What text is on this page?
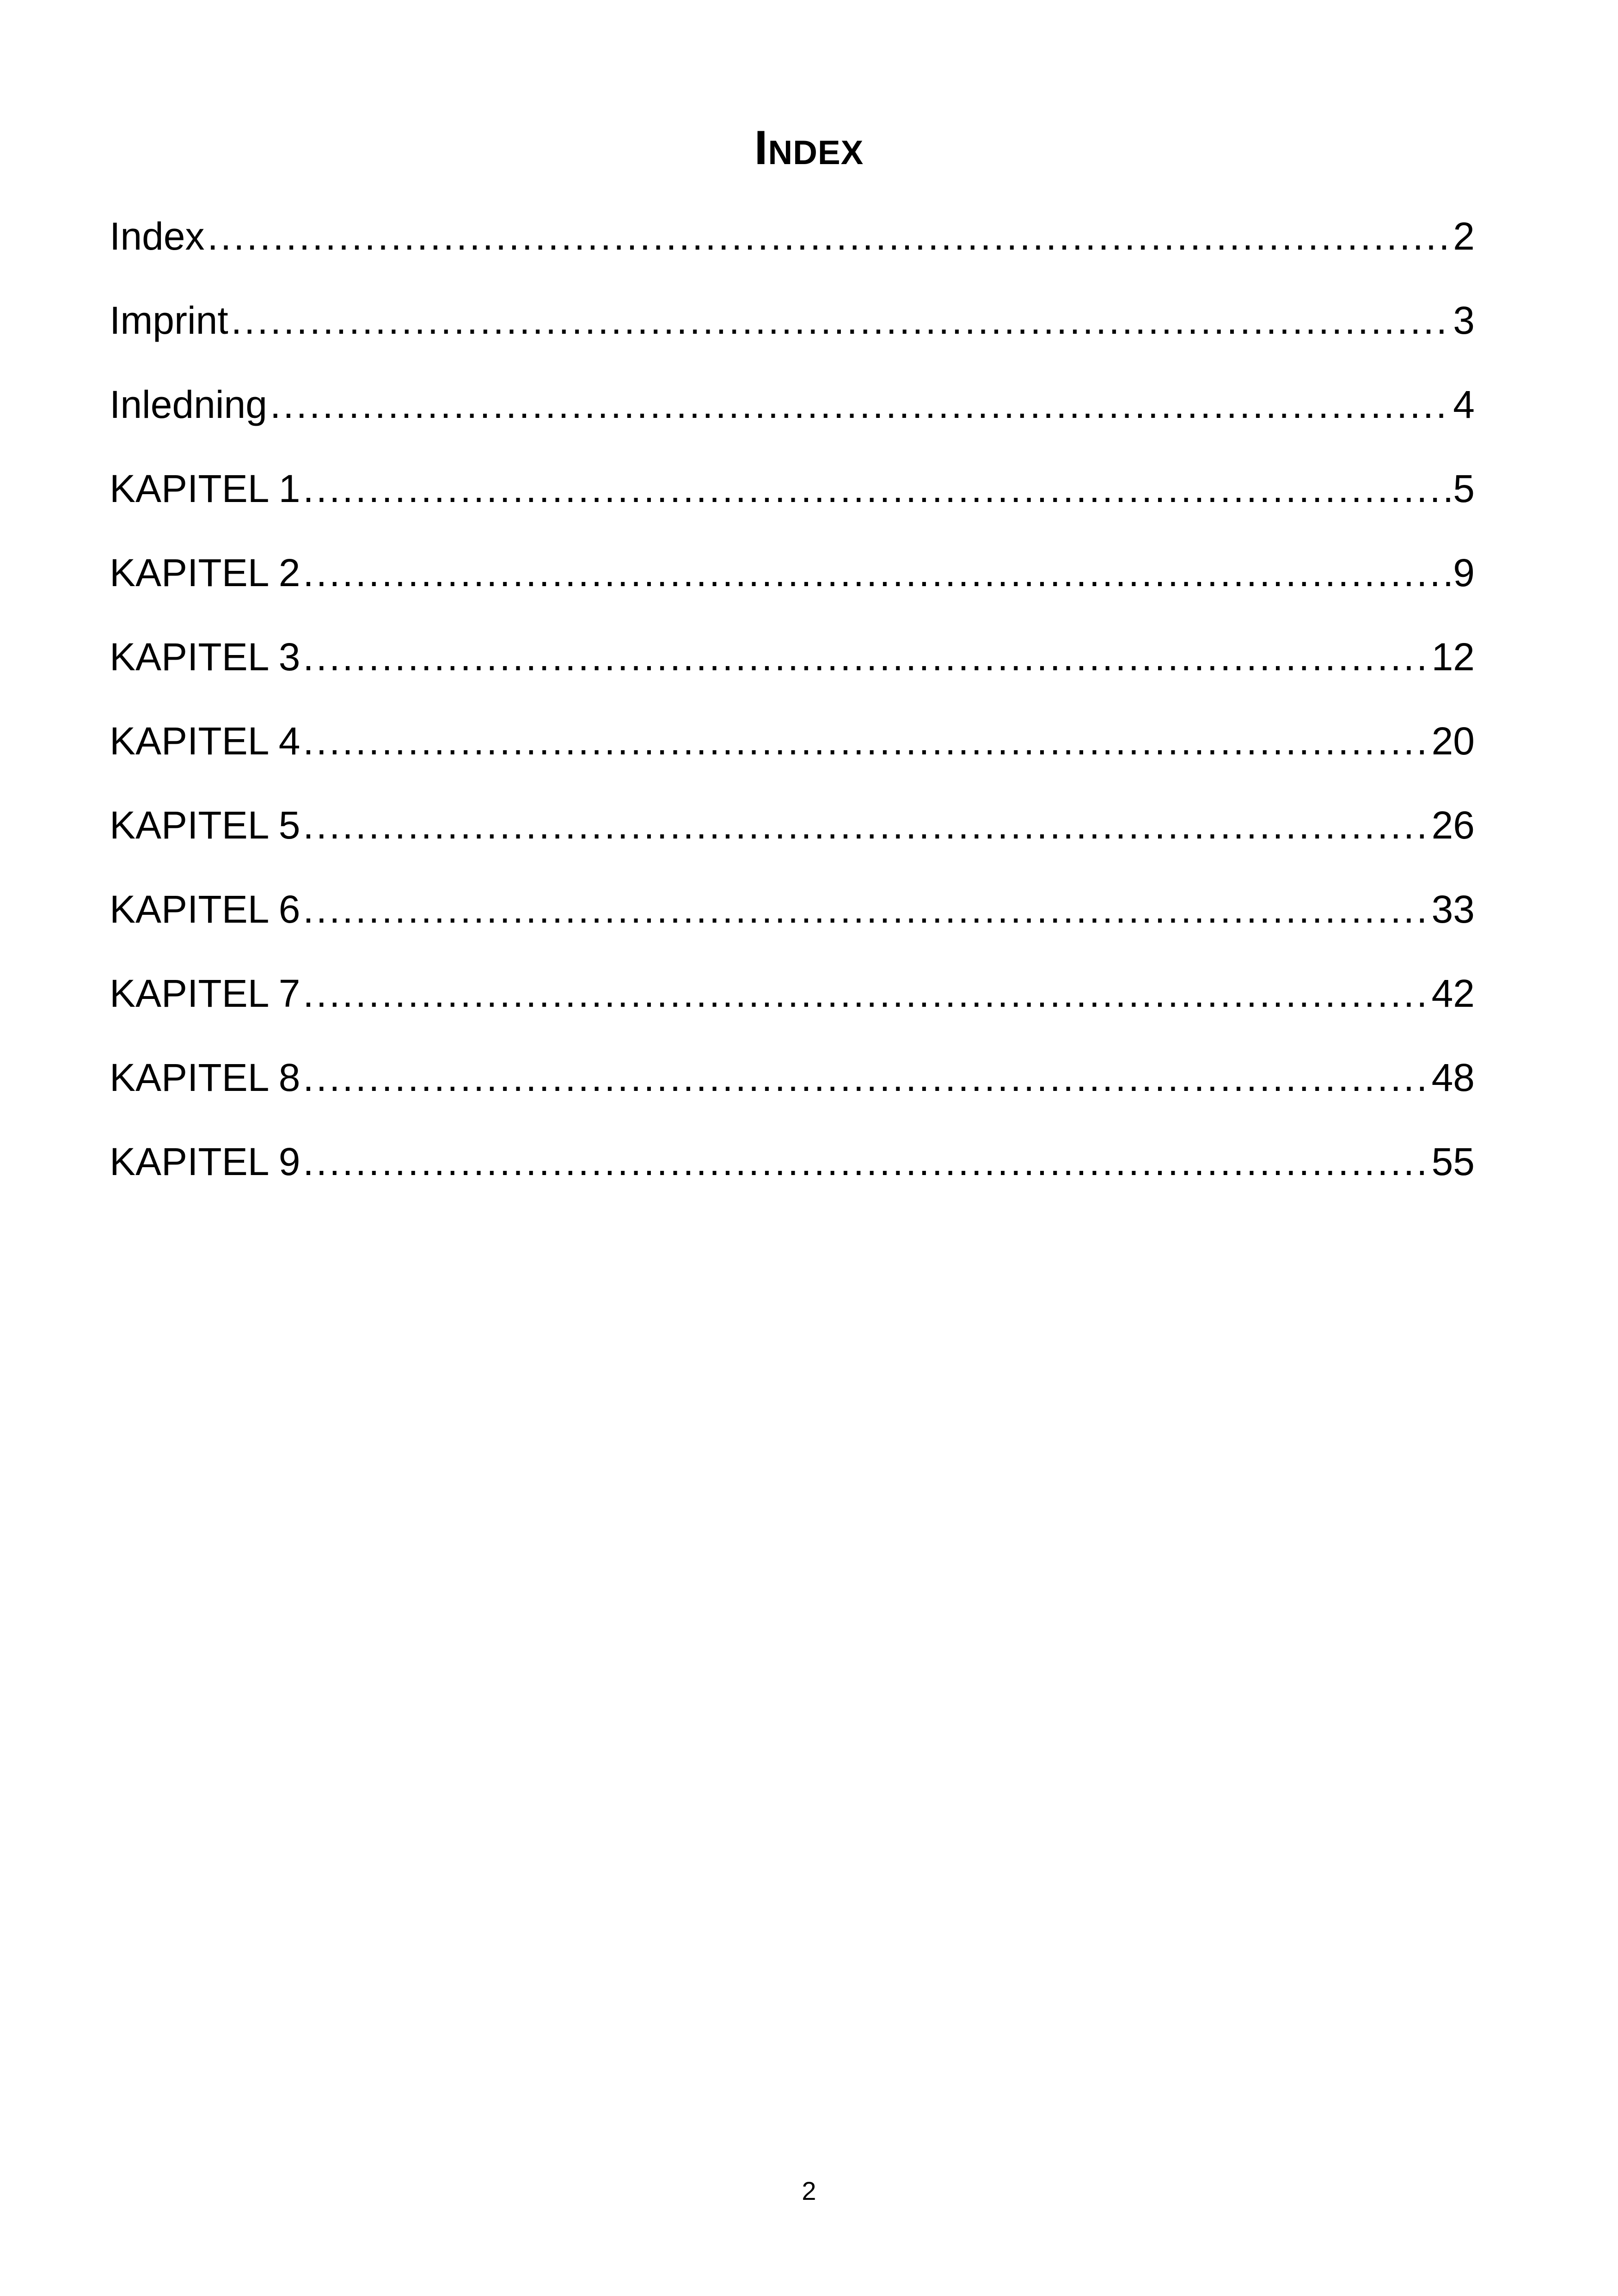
Index
Index .....	2
Imprint .....	3
Inledning .....	4
KAPITEL 1 .....	5
KAPITEL 2 .....	9
KAPITEL 3 .....	12
KAPITEL 4 .....	20
KAPITEL 5 .....	26
KAPITEL 6 .....	33
KAPITEL 7 .....	42
KAPITEL 8 .....	48
KAPITEL 9 .....	55
2
